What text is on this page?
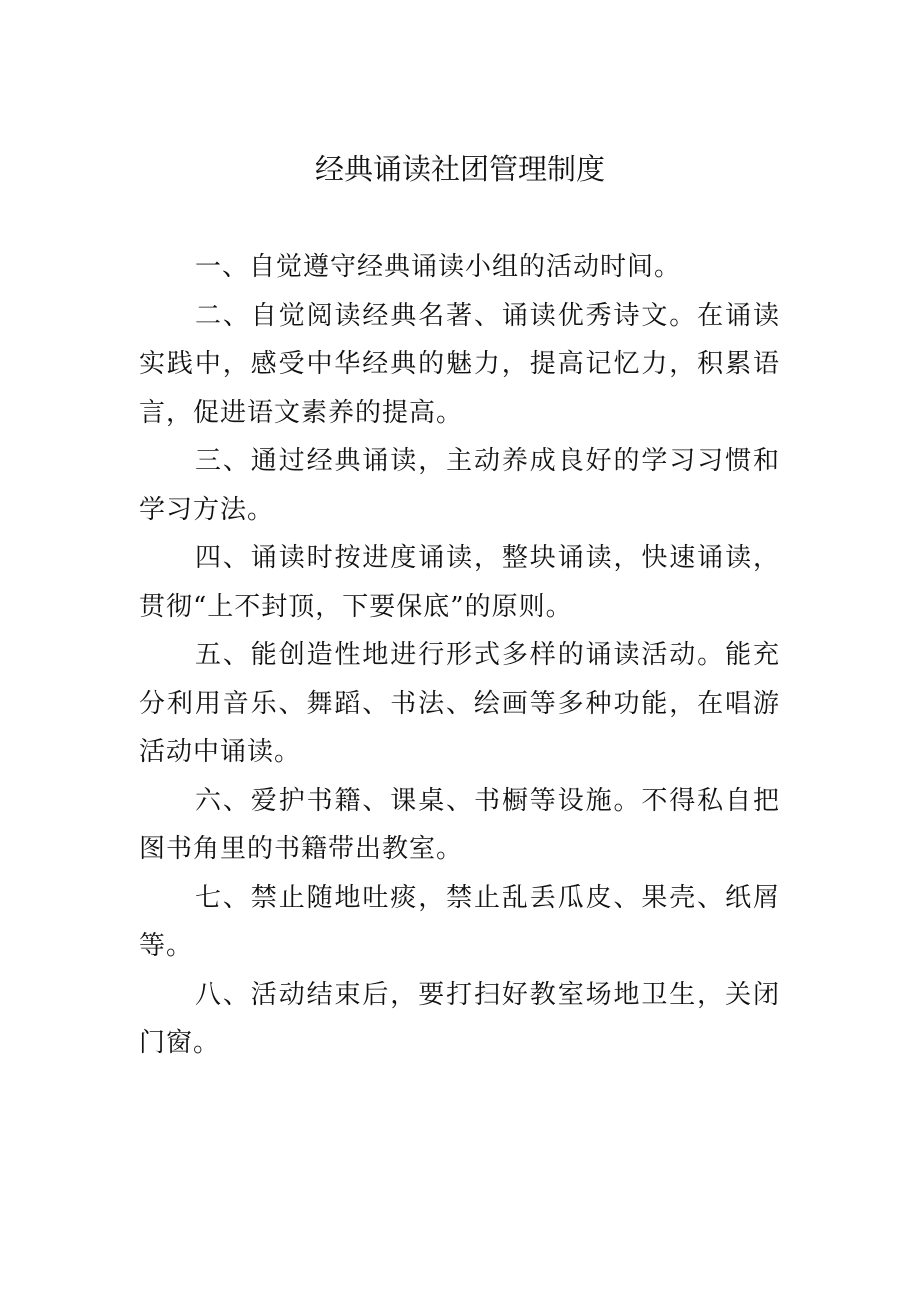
经典诵读社团管理制度

一、自觉遵守经典诵读小组的活动时间。

二、自觉阅读经典名著、诵读优秀诗文。在诵读实践中，感受中华经典的魅力，提高记忆力，积累语言，促进语文素养的提高。

三、通过经典诵读，主动养成良好的学习习惯和学习方法。

四、诵读时按进度诵读，整块诵读，快速诵读，贯彻“上不封顶，下要保底”的原则。

五、能创造性地进行形式多样的诵读活动。能充分利用音乐、舞蹈、书法、绘画等多种功能，在唱游活动中诵读。

六、爱护书籍、课桌、书橱等设施。不得私自把图书角里的书籍带出教室。

七、禁止随地吐痰，禁止乱丢瓜皮、果壳、纸屑等。

八、活动结束后，要打扫好教室场地卫生，关闭门窗。
